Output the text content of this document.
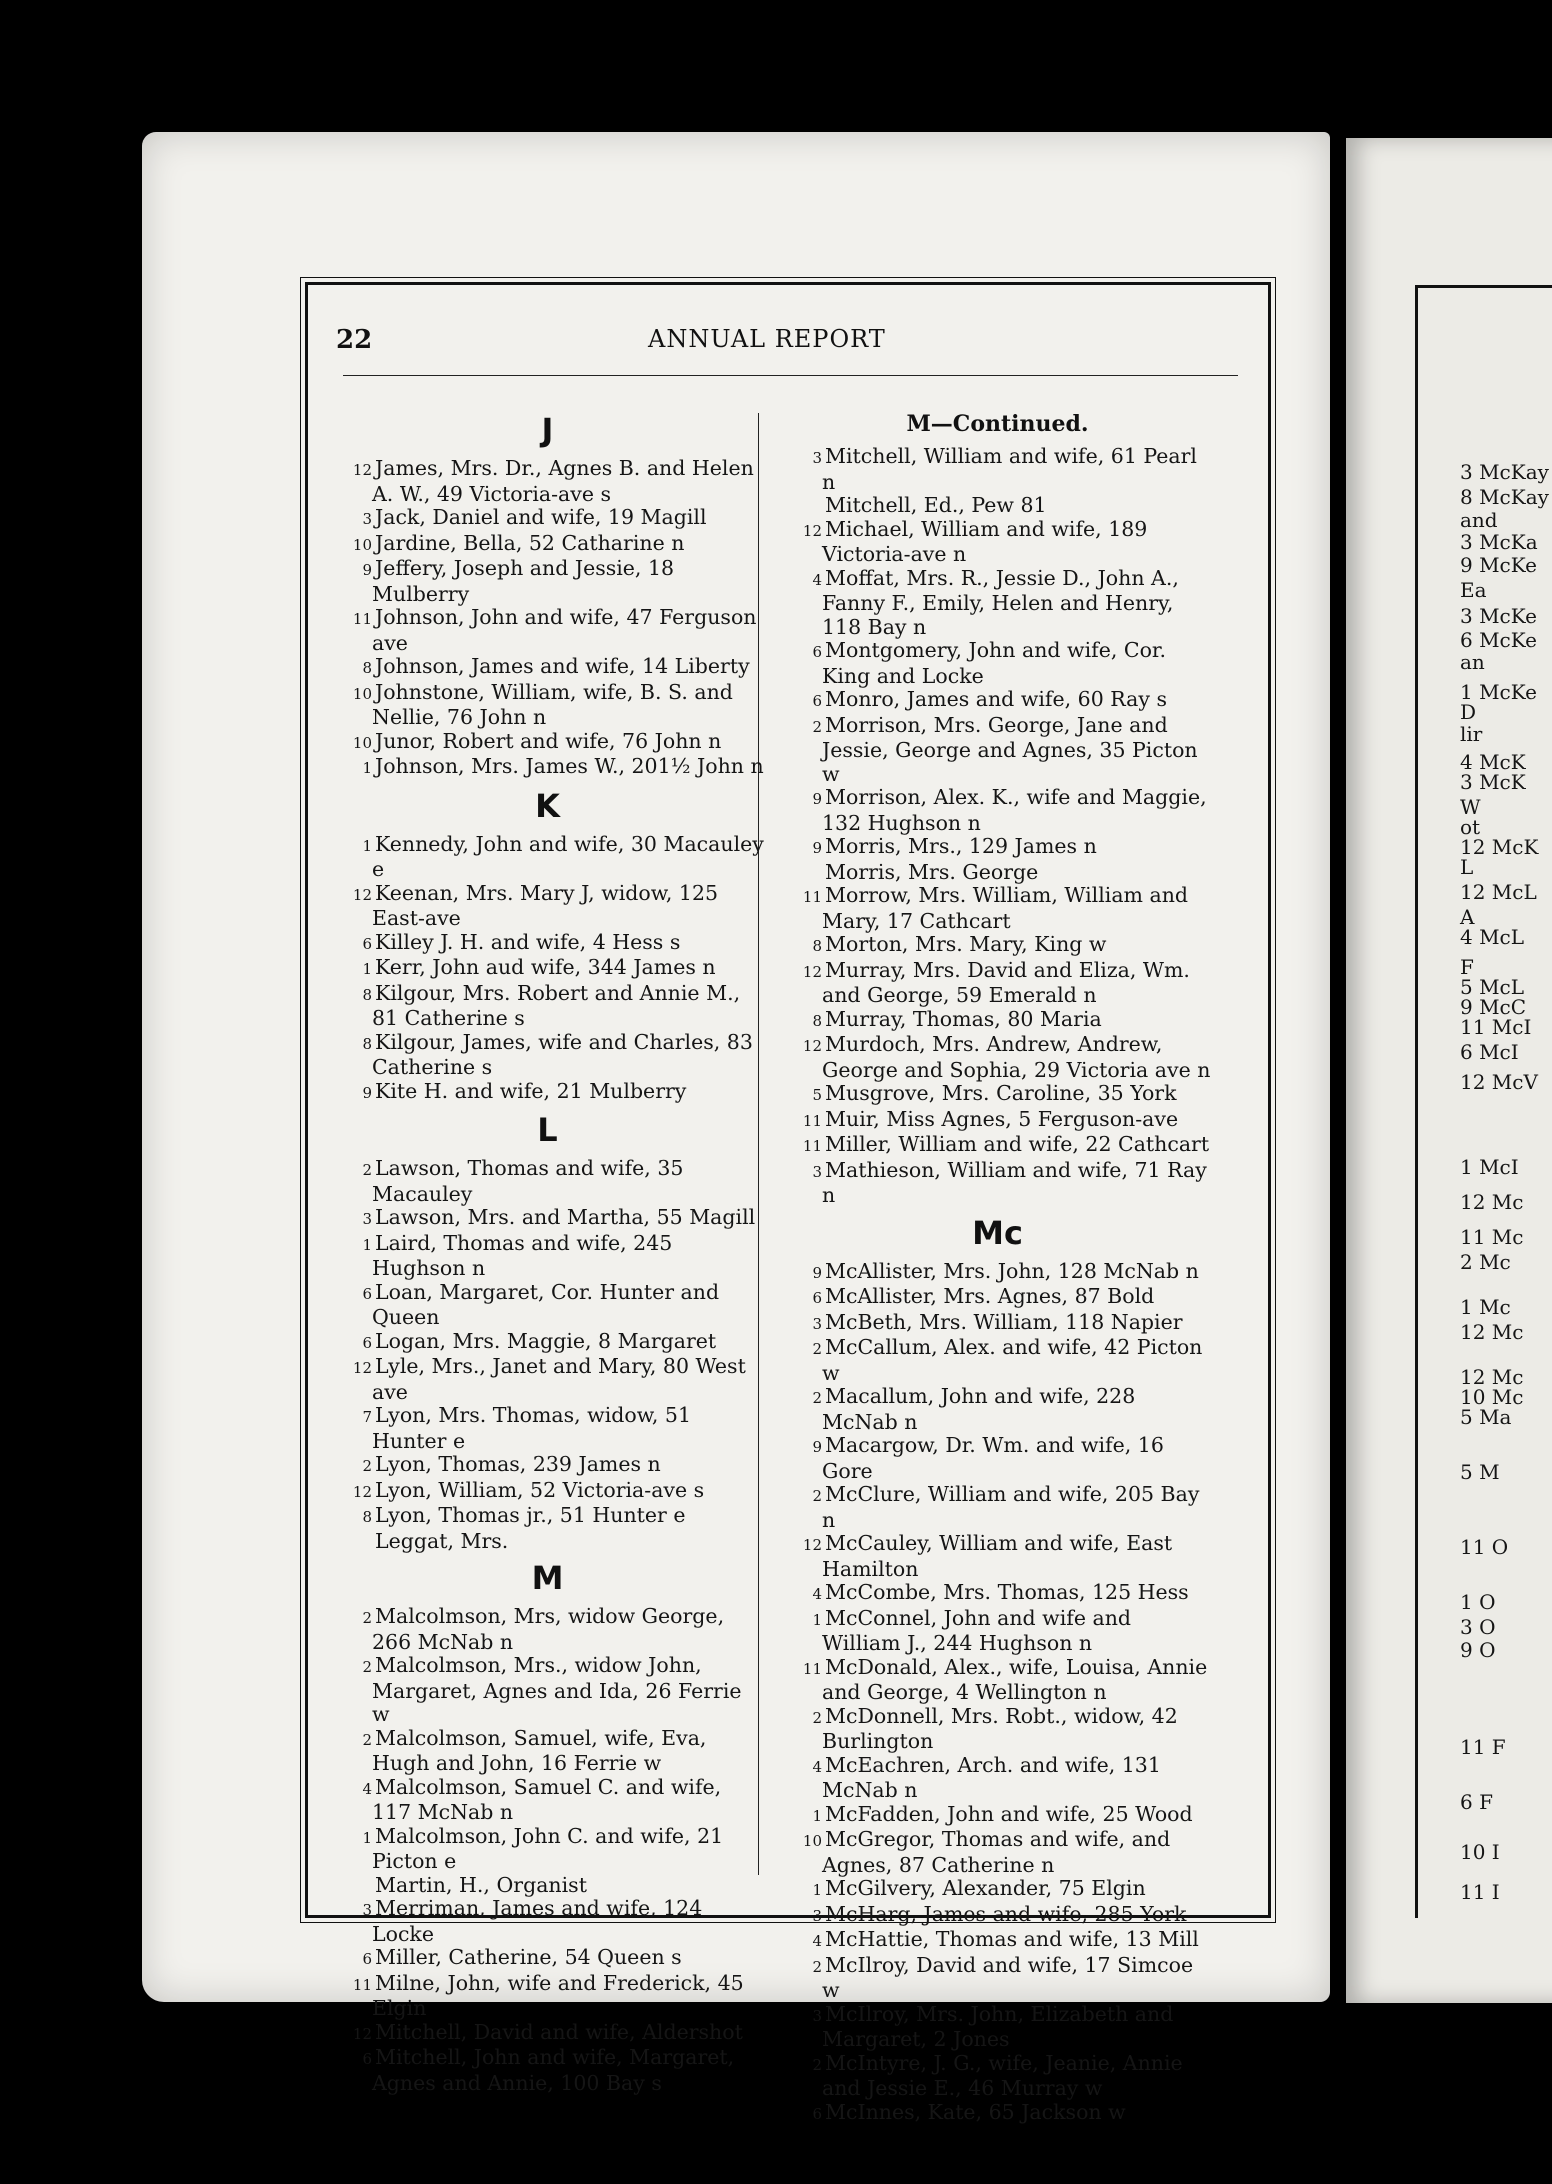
22	ANNUAL REPORT
J
12 James, Mrs. Dr., Agnes B. and Helen A. W., 49 Victoria-ave s
3 Jack, Daniel and wife, 19 Magill
10 Jardine, Bella, 52 Catharine n
9 Jeffery, Joseph and Jessie, 18 Mulberry
11 Johnson, John and wife, 47 Ferguson ave
8 Johnson, James and wife, 14 Liberty
10 Johnstone, William, wife, B. S. and Nellie, 76 John n
10 Junor, Robert and wife, 76 John n
1 Johnson, Mrs. James W., 201½ John n
K
1 Kennedy, John and wife, 30 Macauley e
12 Keenan, Mrs. Mary J, widow, 125 East-ave
6 Killey J. H. and wife, 4 Hess s
1 Kerr, John aud wife, 344 James n
8 Kilgour, Mrs. Robert and Annie M., 81 Catherine s
8 Kilgour, James, wife and Charles, 83 Catherine s
9 Kite H. and wife, 21 Mulberry
L
2 Lawson, Thomas and wife, 35 Macauley
3 Lawson, Mrs. and Martha, 55 Magill
1 Laird, Thomas and wife, 245 Hughson n
6 Loan, Margaret, Cor. Hunter and Queen
6 Logan, Mrs. Maggie, 8 Margaret
12 Lyle, Mrs., Janet and Mary, 80 West ave
7 Lyon, Mrs. Thomas, widow, 51 Hunter e
2 Lyon, Thomas, 239 James n
12 Lyon, William, 52 Victoria-ave s
8 Lyon, Thomas jr., 51 Hunter e
Leggat, Mrs.
M
2 Malcolmson, Mrs, widow George, 266 McNab n
2 Malcolmson, Mrs., widow John, Margaret, Agnes and Ida, 26 Ferrie w
2 Malcolmson, Samuel, wife, Eva, Hugh and John, 16 Ferrie w
4 Malcolmson, Samuel C. and wife, 117 McNab n
1 Malcolmson, John C. and wife, 21 Picton e
Martin, H., Organist
3 Merriman, James and wife, 124 Locke
6 Miller, Catherine, 54 Queen s
11 Milne, John, wife and Frederick, 45 Elgin
12 Mitchell, David and wife, Aldershot
6 Mitchell, John and wife, Margaret, Agnes and Annie, 100 Bay s
M—Continued.
3 Mitchell, William and wife, 61 Pearl n
Mitchell, Ed., Pew 81
12 Michael, William and wife, 189 Victoria-ave n
4 Moffat, Mrs. R., Jessie D., John A., Fanny F., Emily, Helen and Henry, 118 Bay n
6 Montgomery, John and wife, Cor. King and Locke
6 Monro, James and wife, 60 Ray s
2 Morrison, Mrs. George, Jane and Jessie, George and Agnes, 35 Picton w
9 Morrison, Alex. K., wife and Maggie, 132 Hughson n
9 Morris, Mrs., 129 James n
Morris, Mrs. George
11 Morrow, Mrs. William, William and Mary, 17 Cathcart
8 Morton, Mrs. Mary, King w
12 Murray, Mrs. David and Eliza, Wm. and George, 59 Emerald n
8 Murray, Thomas, 80 Maria
12 Murdoch, Mrs. Andrew, Andrew, George and Sophia, 29 Victoria ave n
5 Musgrove, Mrs. Caroline, 35 York
11 Muir, Miss Agnes, 5 Ferguson-ave
11 Miller, William and wife, 22 Cathcart
3 Mathieson, William and wife, 71 Ray n
Mc
9 McAllister, Mrs. John, 128 McNab n
6 McAllister, Mrs. Agnes, 87 Bold
3 McBeth, Mrs. William, 118 Napier
2 McCallum, Alex. and wife, 42 Picton w
2 Macallum, John and wife, 228 McNab n
9 Macargow, Dr. Wm. and wife, 16 Gore
2 McClure, William and wife, 205 Bay n
12 McCauley, William and wife, East Hamilton
4 McCombe, Mrs. Thomas, 125 Hess
1 McConnel, John and wife and William J., 244 Hughson n
11 McDonald, Alex., wife, Louisa, Annie and George, 4 Wellington n
2 McDonnell, Mrs. Robt., widow, 42 Burlington
4 McEachren, Arch. and wife, 131 McNab n
1 McFadden, John and wife, 25 Wood
10 McGregor, Thomas and wife, and Agnes, 87 Catherine n
1 McGilvery, Alexander, 75 Elgin
3 McHarg, James and wife, 285 York
4 McHattie, Thomas and wife, 13 Mill
2 McIlroy, David and wife, 17 Simcoe w
3 McIlroy, Mrs. John, Elizabeth and Margaret, 2 Jones
2 McIntyre, J. G., wife, Jeanie, Annie and Jessie E., 46 Murray w
6 McInnes, Kate, 65 Jackson w
3 McKay
8 McKay
and
3 McKa
9 McKe
Ea
3 McKe
6 McKe
an
1 McKe
D
lir
4 McK
3 McK
W
ot
12 McK
L
12 McL
A
4 McL
F
5 McL
9 McC
11 McI
6 McI
12 McV
1 McI
12 Mc
11 Mc
2 Mc
1 Mc
12 Mc
12 Mc
10 Mc
5 Ma
5 M
11 O
1 O
3 O
9 O
11 F
6 F
10 I
11 I
